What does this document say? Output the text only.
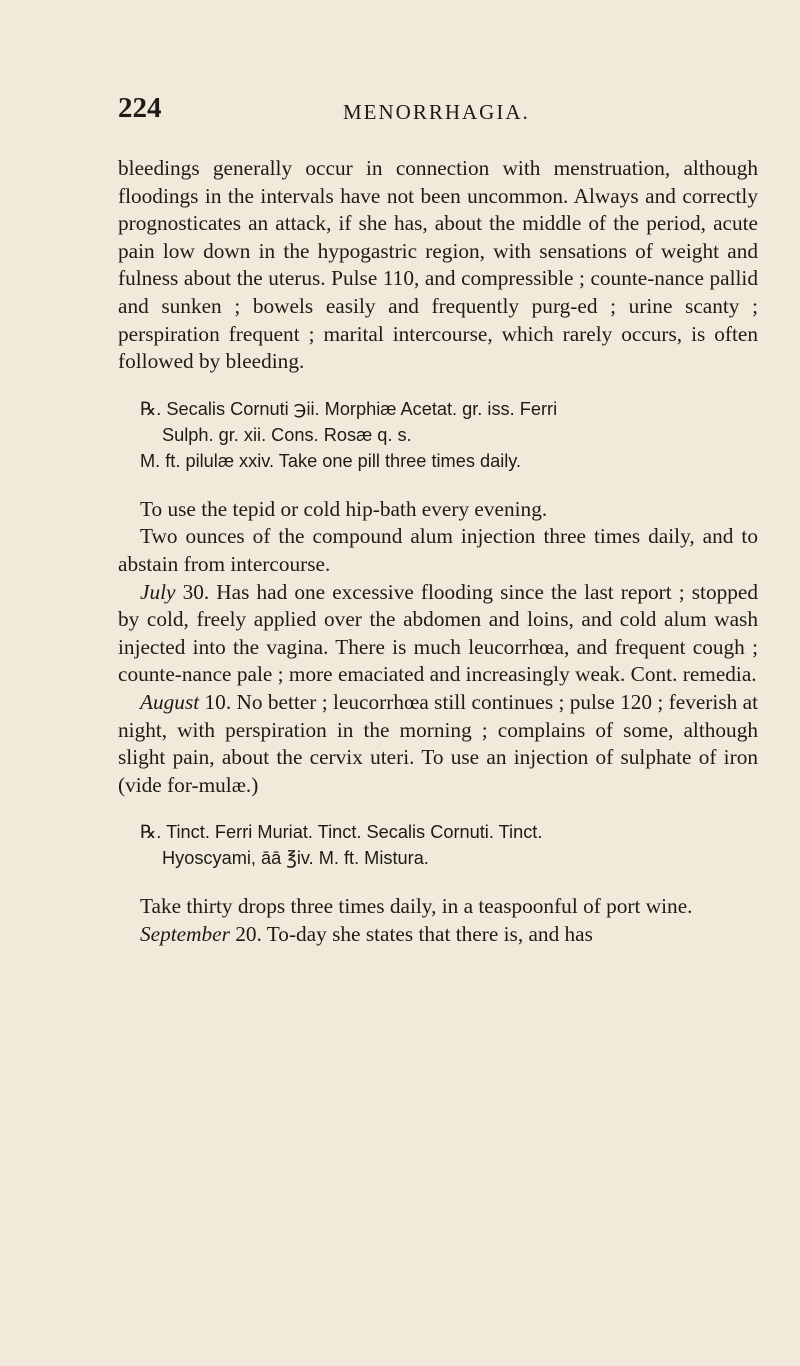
224	MENORRHAGIA.

bleedings generally occur in connection with menstruation, although floodings in the intervals have not been uncommon. Always and correctly prognosticates an attack, if she has, about the middle of the period, acute pain low down in the hypogastric region, with sensations of weight and fulness about the uterus. Pulse 110, and compressible ; counte-nance pallid and sunken ; bowels easily and frequently purg-ed ; urine scanty ; perspiration frequent ; marital intercourse, which rarely occurs, is often followed by bleeding.

℞. Secalis Cornuti ℈ii. Morphiæ Acetat. gr. iss. Ferri
Sulph. gr. xii. Cons. Rosæ q. s.
M. ft. pilulæ xxiv. Take one pill three times daily.

To use the tepid or cold hip-bath every evening.

Two ounces of the compound alum injection three times daily, and to abstain from intercourse.

July 30. Has had one excessive flooding since the last report ; stopped by cold, freely applied over the abdomen and loins, and cold alum wash injected into the vagina. There is much leucorrhœa, and frequent cough ; counte-nance pale ; more emaciated and increasingly weak. Cont. remedia.

August 10. No better ; leucorrhœa still continues ; pulse 120 ; feverish at night, with perspiration in the morning ; complains of some, although slight pain, about the cervix uteri. To use an injection of sulphate of iron (vide for-mulæ.)

℞. Tinct. Ferri Muriat. Tinct. Secalis Cornuti. Tinct.
Hyoscyami, āā ℥iv. M. ft. Mistura.

Take thirty drops three times daily, in a teaspoonful of port wine.

September 20. To-day she states that there is, and has
